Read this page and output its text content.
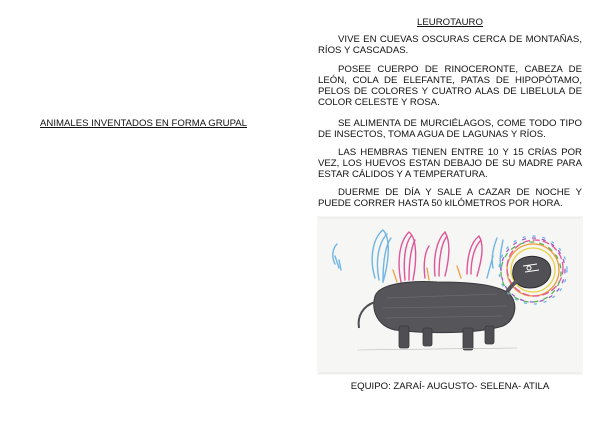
ANIMALES INVENTADOS EN FORMA GRUPAL
LEUROTAURO

VIVE EN CUEVAS OSCURAS CERCA DE MONTAÑAS, RÍOS Y CASCADAS.

POSEE CUERPO DE RINOCERONTE, CABEZA DE LEÓN, COLA DE ELEFANTE, PATAS DE HIPOPÓTAMO, PELOS DE COLORES Y CUATRO ALAS DE LIBELULA DE COLOR CELESTE Y ROSA.

SE ALIMENTA DE MURCIÉLAGOS, COME TODO TIPO DE INSECTOS, TOMA AGUA DE LAGUNAS Y RÍOS.

LAS HEMBRAS TIENEN ENTRE 10 Y 15 CRÍAS POR VEZ, LOS HUEVOS ESTAN DEBAJO DE SU MADRE PARA ESTAR CÁLIDOS Y A TEMPERATURA.

DUERME DE DÍA Y SALE A CAZAR DE NOCHE Y PUEDE CORRER HASTA 50 kILÓMETROS POR HORA.

EQUIPO: ZARAÍ- AUGUSTO- SELENA- ATILA
